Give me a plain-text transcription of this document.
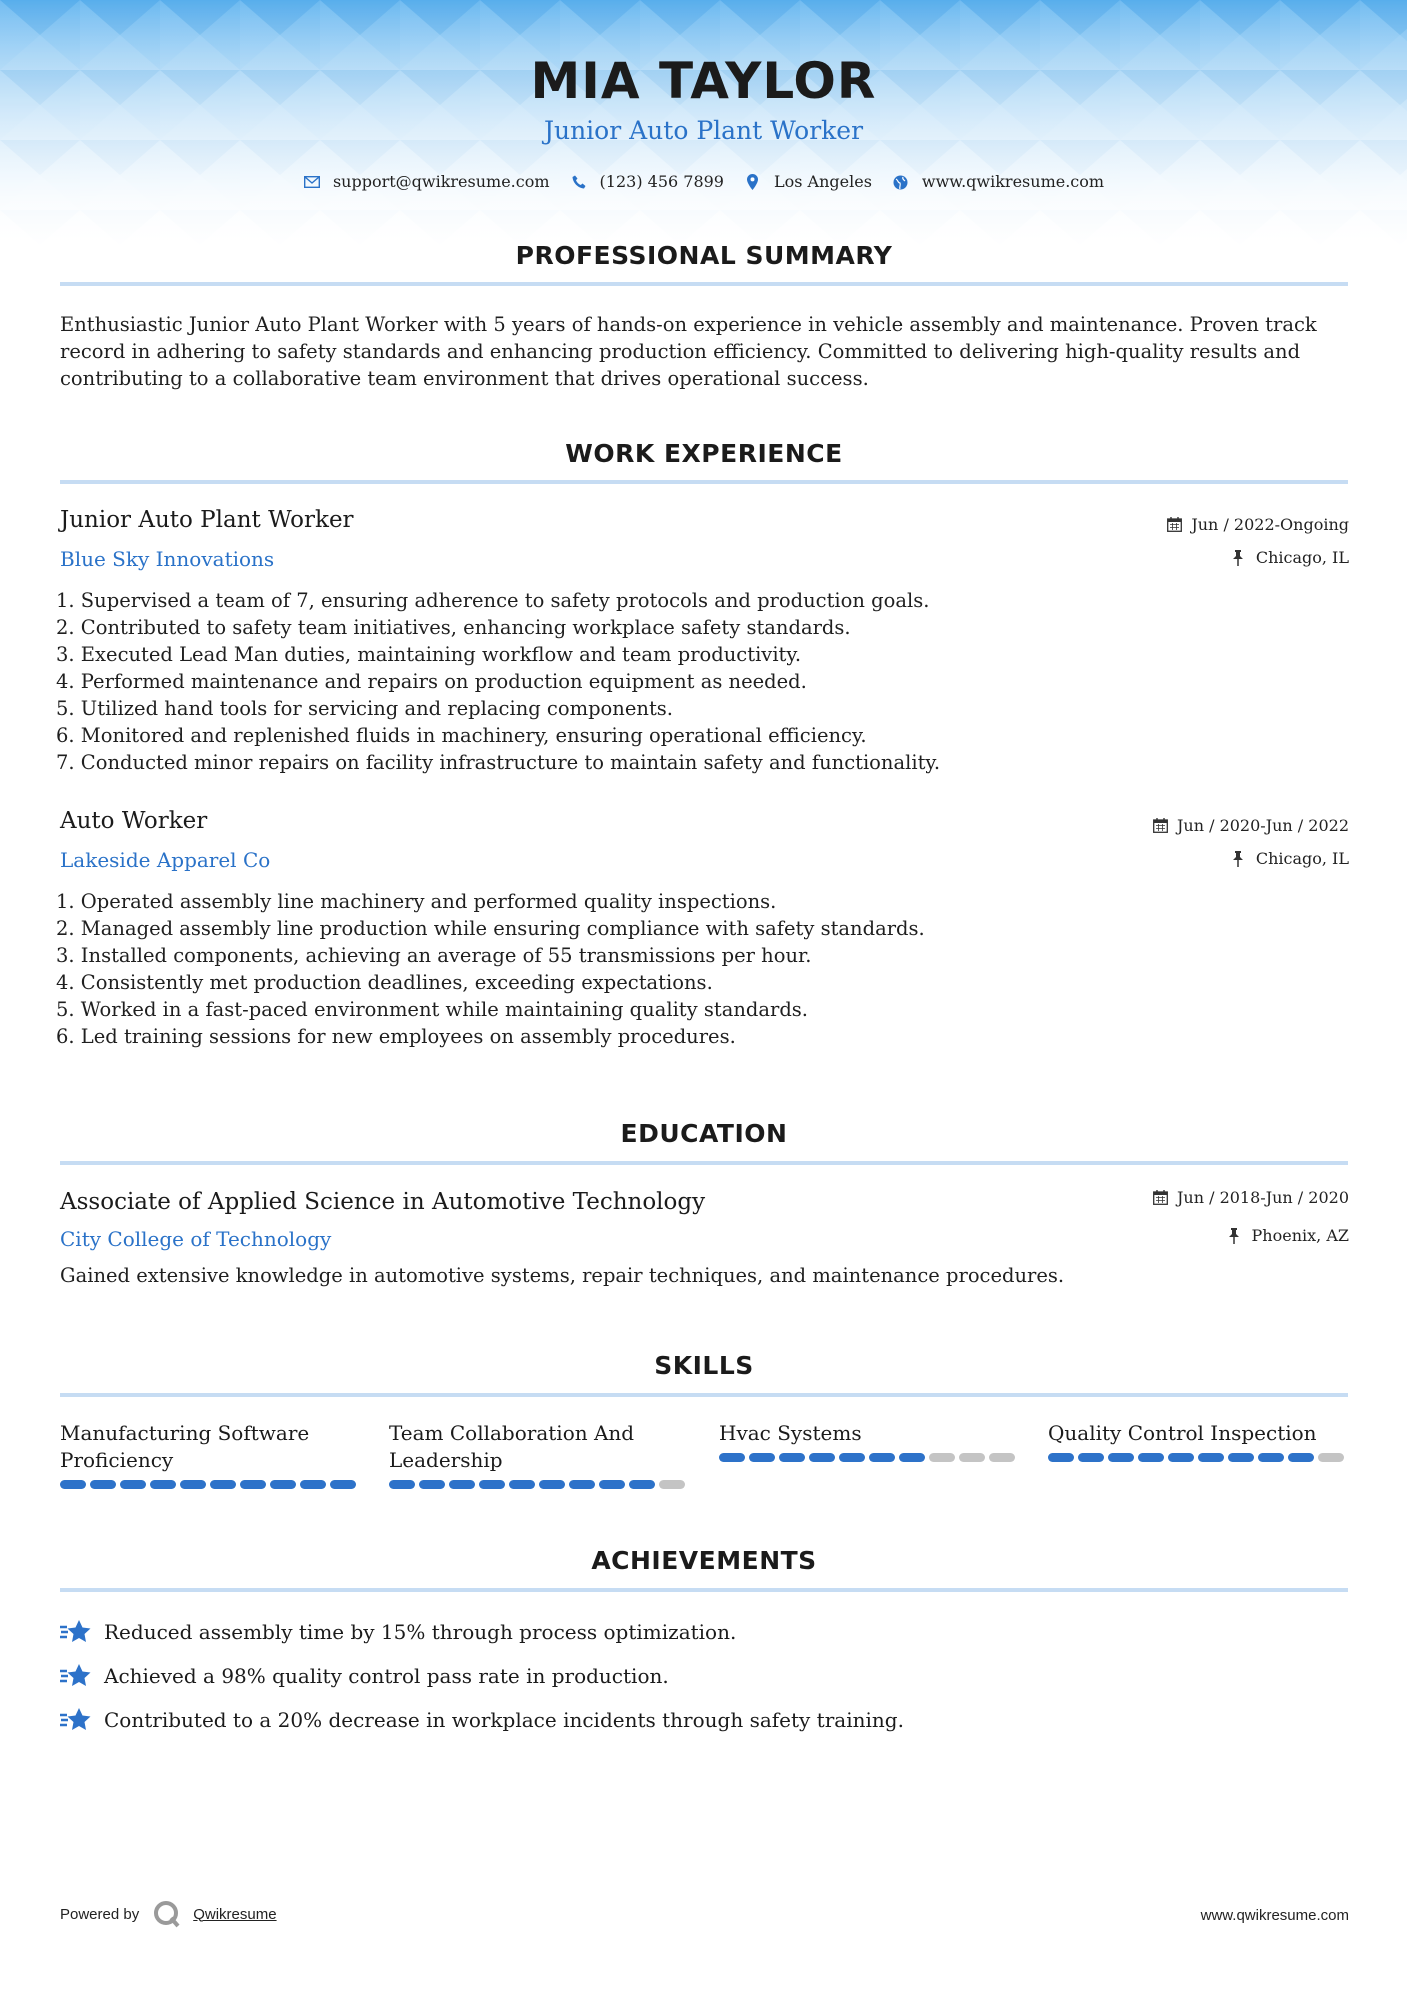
MIA TAYLOR
Junior Auto Plant Worker
support@qwikresume.com	(123) 456 7899	Los Angeles	www.qwikresume.com
PROFESSIONAL SUMMARY
Enthusiastic Junior Auto Plant Worker with 5 years of hands-on experience in vehicle assembly and maintenance. Proven track record in adhering to safety standards and enhancing production efficiency. Committed to delivering high-quality results and contributing to a collaborative team environment that drives operational success.
WORK EXPERIENCE
Junior Auto Plant Worker
Blue Sky Innovations
Jun / 2022-Ongoing
Chicago, IL
1. Supervised a team of 7, ensuring adherence to safety protocols and production goals.
2. Contributed to safety team initiatives, enhancing workplace safety standards.
3. Executed Lead Man duties, maintaining workflow and team productivity.
4. Performed maintenance and repairs on production equipment as needed.
5. Utilized hand tools for servicing and replacing components.
6. Monitored and replenished fluids in machinery, ensuring operational efficiency.
7. Conducted minor repairs on facility infrastructure to maintain safety and functionality.
Auto Worker
Lakeside Apparel Co
Jun / 2020-Jun / 2022
Chicago, IL
1. Operated assembly line machinery and performed quality inspections.
2. Managed assembly line production while ensuring compliance with safety standards.
3. Installed components, achieving an average of 55 transmissions per hour.
4. Consistently met production deadlines, exceeding expectations.
5. Worked in a fast-paced environment while maintaining quality standards.
6. Led training sessions for new employees on assembly procedures.
EDUCATION
Associate of Applied Science in Automotive Technology
City College of Technology
Jun / 2018-Jun / 2020
Phoenix, AZ
Gained extensive knowledge in automotive systems, repair techniques, and maintenance procedures.
SKILLS
Manufacturing Software Proficiency
Team Collaboration And Leadership
Hvac Systems	Quality Control Inspection
ACHIEVEMENTS
Reduced assembly time by 15% through process optimization.
Achieved a 98% quality control pass rate in production.
Contributed to a 20% decrease in workplace incidents through safety training.
Powered by	Qwikresume	www.qwikresume.com
